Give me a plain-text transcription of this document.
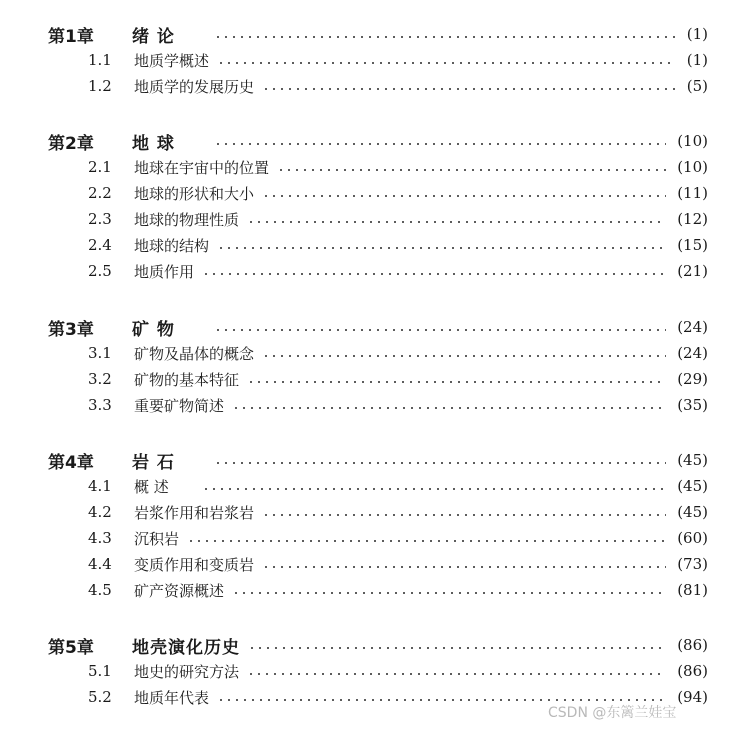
第1章 绪 论	(1)
1.1 地质学概述	(1)
1.2 地质学的发展历史	(5)
第2章 地 球	(10)
2.1 地球在宇宙中的位置	(10)
2.2 地球的形状和大小	(11)
2.3 地球的物理性质	(12)
2.4 地球的结构	(15)
2.5 地质作用	(21)
第3章 矿 物	(24)
3.1 矿物及晶体的概念	(24)
3.2 矿物的基本特征	(29)
3.3 重要矿物简述	(35)
第4章 岩 石	(45)
4.1 概 述	(45)
4.2 岩浆作用和岩浆岩	(45)
4.3 沉积岩	(60)
4.4 变质作用和变质岩	(73)
4.5 矿产资源概述	(81)
第5章 地壳演化历史	(86)
5.1 地史的研究方法	(86)
5.2 地质年代表	(94)
CSDN @东篱兰娃宝
